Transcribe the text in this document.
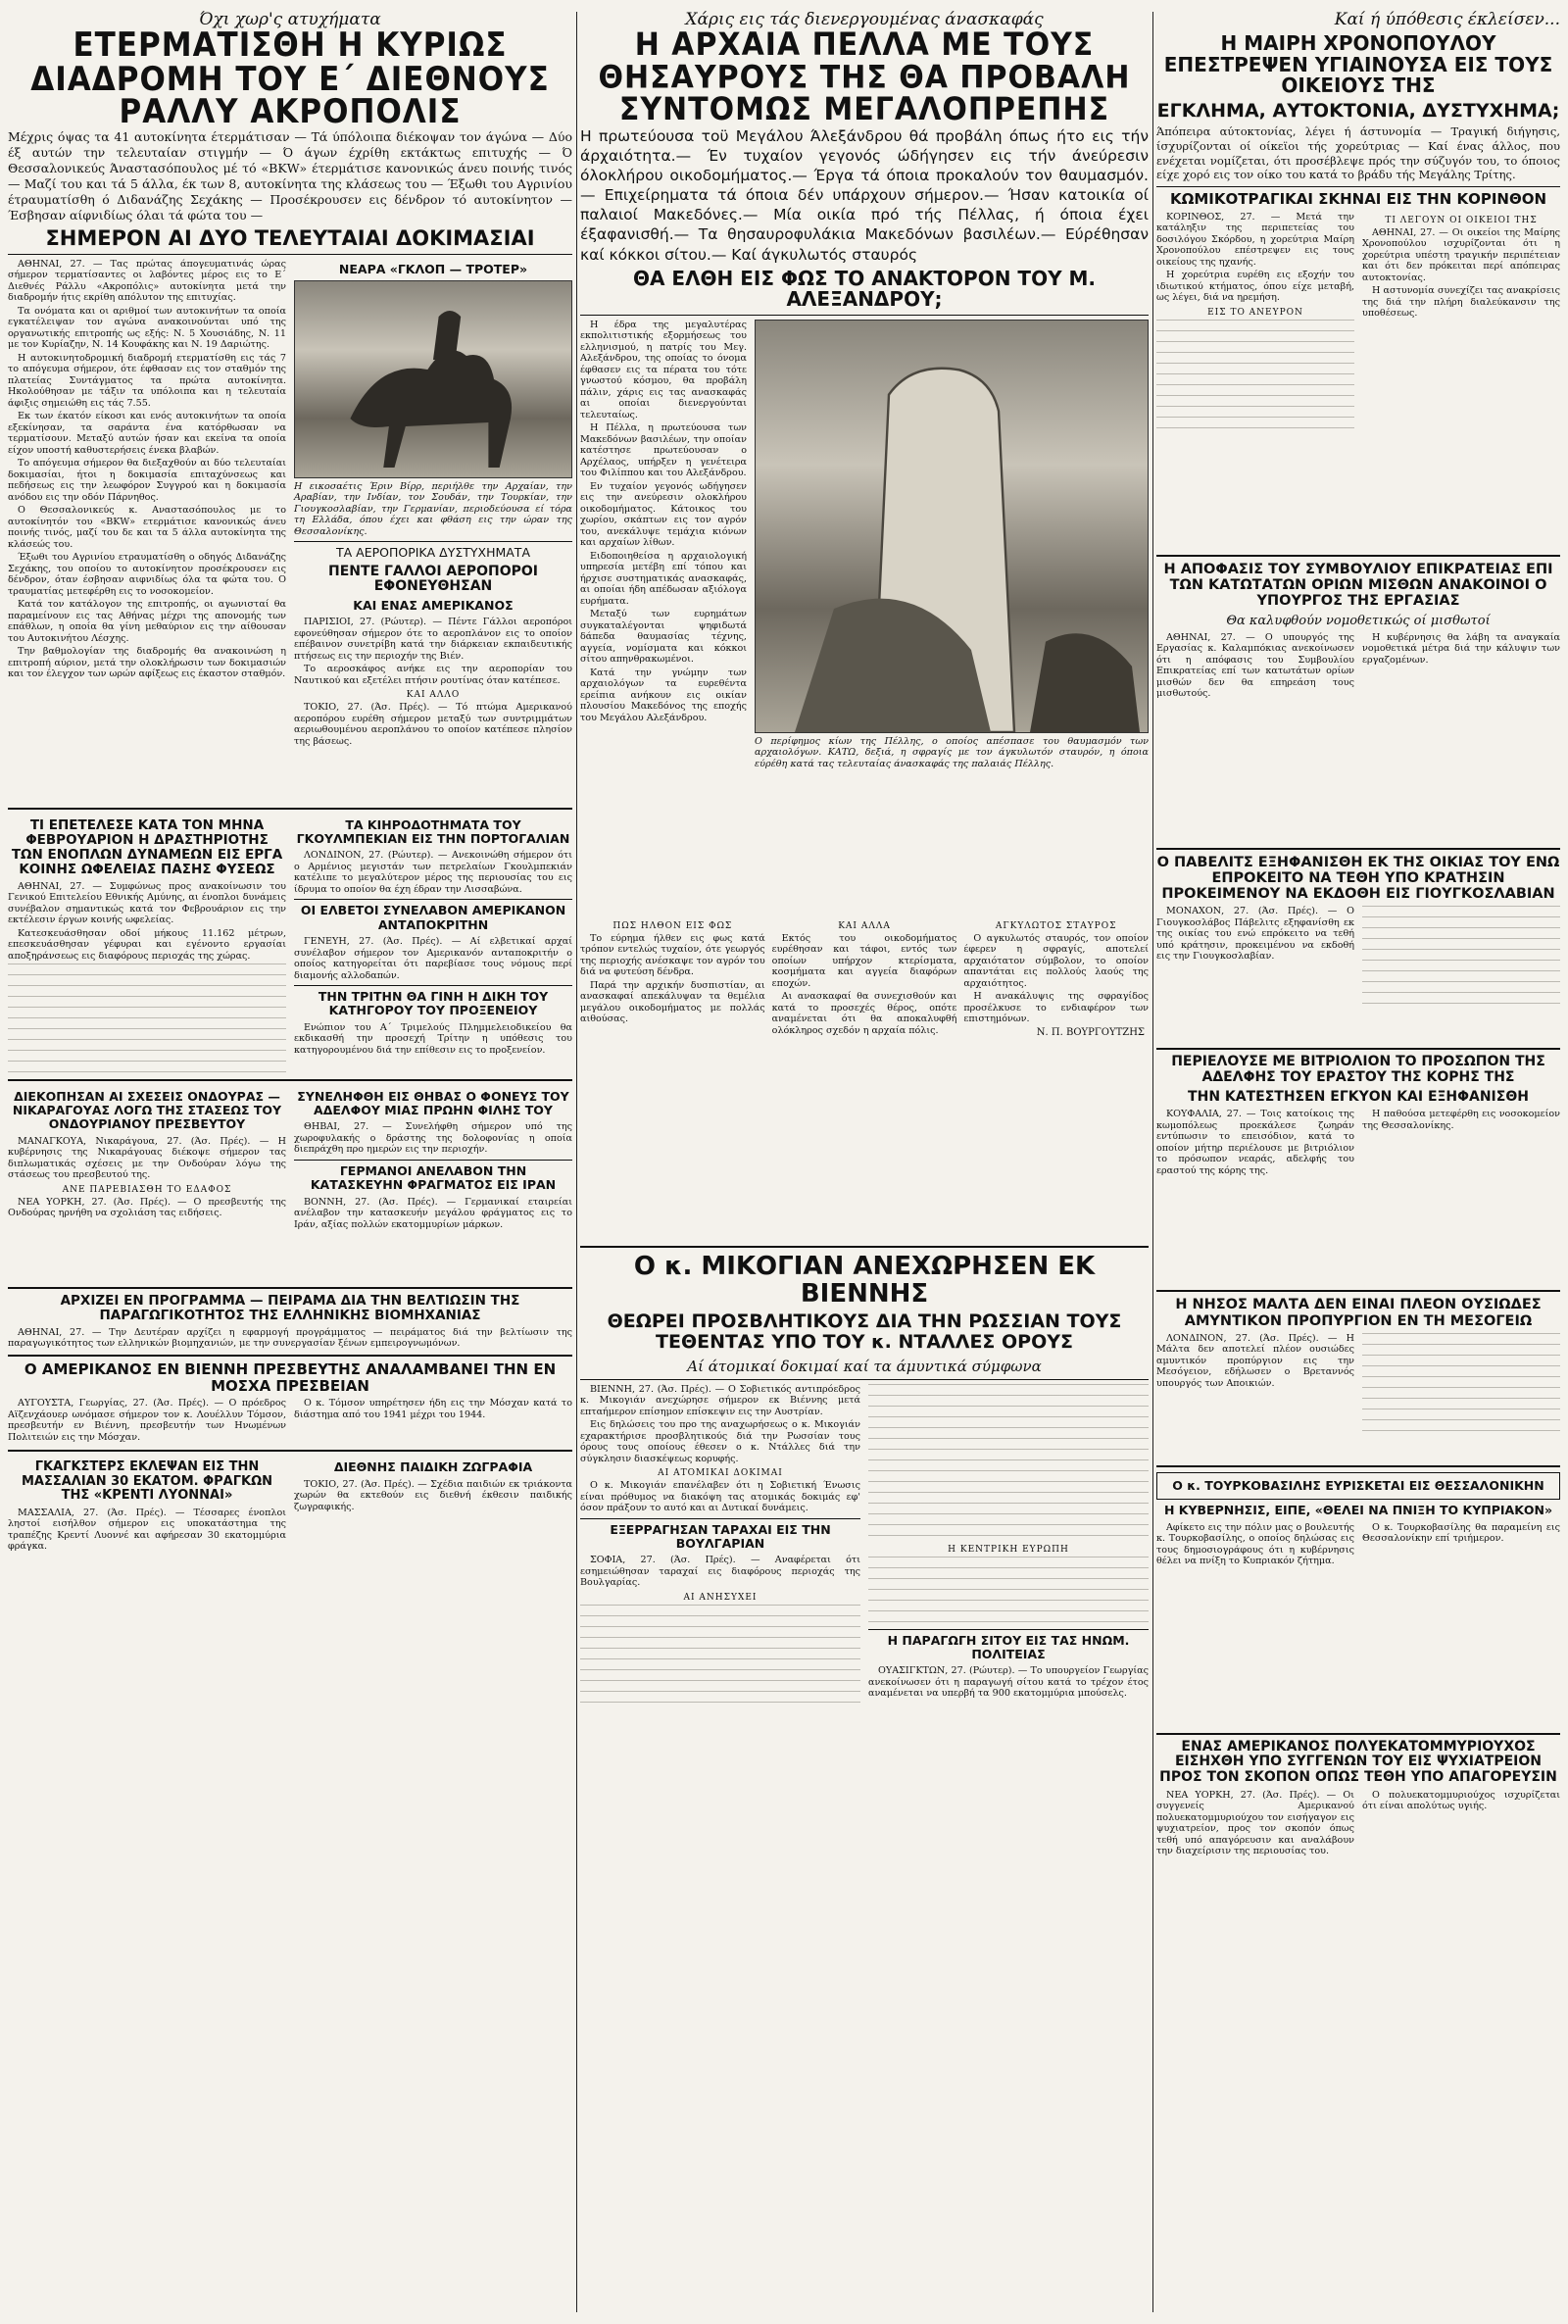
Όχι χωρ'ς ατυχήματα
ΕΤΕΡΜΑΤΙΣΘΗ Η ΚΥΡΙΩΣ ΔΙΑΔΡΟΜΗ ΤΟΥ Ε΄ ΔΙΕΘΝΟΥΣ ΡΑΛΛΥ ΑΚΡΟΠΟΛΙΣ
Μέχρις όψας τα 41 αυτοκίνητα έτερμάτισαν — Τά ύπόλοιπα διέκοψαν τον άγώνα — Δύο έξ αυτών την τελευταίαν στιγμήν — Ό άγων έχρίθη εκτάκτως επιτυχής — Ό Θεσσαλονικεύς Άναστασόπουλος μέ τό «ΒΚW» έτερμάτισε κανονικώς άνευ ποινής τινός — Μαζί του και τά 5 άλλα, έκ των 8, αυτοκίνητα της κλάσεως του — Έξωθι του Αγρινίου έτραυματίσθη ό Διδανάζης Σεχάκης — Προσέκρουσεν εις δένδρον τό αυτοκίνητον — Έσβησαν αίφνιδίως όλαι τά φώτα του —
ΣΗΜΕΡΟΝ ΑΙ ΔΥΟ ΤΕΛΕΥΤΑΙΑΙ ΔΟΚΙΜΑΣΙΑΙ

ΑΘΗΝΑΙ, 27. — Τας πρώτας άπογευματινάς ώρας σήμερον τερματίσαντες οι λαβόντες μέρος εις το Ε΄ Διεθνές Ράλλυ «Ακροπόλις» αυτοκίνητα μετά την διαδρομήν ήτις εκρίθη απόλυτον της επιτυχίας.

Τα ονόματα και οι αριθμοί των αυτοκινήτων τα οποία εγκατέλειψαν τον αγώνα ανακοινούνται υπό της οργανωτικής επιτροπής ως εξής: Ν. 5 Χουσιάδης, Ν. 11 με τον Κυρίαζην, Ν. 14 Κουφάκης και Ν. 19 Δαριώτης.

Η αυτοκινητοδρομική διαδρομή ετερματίσθη εις τάς 7 το απόγευμα σήμερον, ότε έφθασαν εις τον σταθμόν της πλατείας Συντάγματος τα πρώτα αυτοκίνητα. Ηκολούθησαν με τάξιν τα υπόλοιπα και η τελευταία άφιξις σημειώθη εις τάς 7.55.

Εκ των έκατόν είκοσι και ενός αυτοκινήτων τα οποία εξεκίνησαν, τα σαράντα ένα κατόρθωσαν να τερματίσουν. Μεταξύ αυτών ήσαν και εκείνα τα οποία είχον υποστή καθυστερήσεις ένεκα βλαβών.

Το απόγευμα σήμερον θα διεξαχθούν αι δύο τελευταίαι δοκιμασίαι, ήτοι η δοκιμασία επιταχύνσεως και πεδήσεως εις την λεωφόρον Συγγρού και η δοκιμασία ανόδου εις την οδόν Πάρνηθος.

Ο Θεσσαλονικεύς κ. Αναστασόπουλος με το αυτοκίνητόν του «ΒΚW» ετερμάτισε κανονικώς άνευ ποινής τινός, μαζί του δε και τα 5 άλλα αυτοκίνητα της κλάσεώς του.

Έξωθι του Αγρινίου ετραυματίσθη ο οδηγός Διδανάζης Σεχάκης, του οποίου το αυτοκίνητον προσέκρουσεν εις δένδρον, όταν έσβησαν αιφνιδίως όλα τα φώτα του. Ο τραυματίας μετεφέρθη εις το νοσοκομείον.

Κατά τον κατάλογον της επιτροπής, οι αγωνισταί θα παραμείνουν εις τας Αθήνας μέχρι της απονομής των επάθλων, η οποία θα γίνη μεθαύριον εις την αίθουσαν του Αυτοκινήτου Λέσχης.

Την βαθμολογίαν της διαδρομής θα ανακοινώση η επιτροπή αύριον, μετά την ολοκλήρωσιν των δοκιμασιών και τον έλεγχον των ωρών αφίξεως εις έκαστον σταθμόν.

ΝΕΑΡΑ «ΓΚΛΟΠ — ΤΡΟΤΕΡ»
Η εικοσαέτις Έριν Βίρρ, περιήλθε την Αρχαίαν, την Αραβίαν, την Ινδίαν, τον Σουδάν, την Τουρκίαν, την Γιουγκοσλαβίαν, την Γερμανίαν, περιοδεύουσα εί τόρα τη Ελλάδα, όπου έχει και φθάση εις την ώραν της Θεσσαλονίκης.
ΤΑ ΑΕΡΟΠΟΡΙΚΑ ΔΥΣΤΥΧΗΜΑΤΑ
ΠΕΝΤΕ ΓΑΛΛΟΙ ΑΕΡΟΠΟΡΟΙ ΕΦΟΝΕΥΘΗΣΑΝ
ΚΑΙ ΕΝΑΣ ΑΜΕΡΙΚΑΝΟΣ

ΠΑΡΙΣΙΟΙ, 27. (Ρώυτερ). — Πέντε Γάλλοι αεροπόροι εφονεύθησαν σήμερον ότε το αεροπλάνον εις το οποίον επέβαινον συνετρίβη κατά την διάρκειαν εκπαιδευτικής πτήσεως εις την περιοχήν της Βιέν.

Το αεροσκάφος ανήκε εις την αεροπορίαν του Ναυτικού και εξετέλει πτήσιν ρουτίνας όταν κατέπεσε.

ΚΑΙ ΑΛΛΟ

ΤΟΚΙΟ, 27. (Άσ. Πρές). — Τό πτώμα Αμερικανού αεροπόρου ευρέθη σήμερον μεταξύ των συντριμμάτων αεριωθουμένου αεροπλάνου το οποίον κατέπεσε πλησίον της βάσεως.

ΤΙ ΕΠΕΤΕΛΕΣΕ ΚΑΤΑ ΤΟΝ ΜΗΝΑ ΦΕΒΡΟΥΑΡΙΟΝ Η ΔΡΑΣΤΗΡΙΟΤΗΣ ΤΩΝ ΕΝΟΠΛΩΝ ΔΥΝΑΜΕΩΝ ΕΙΣ ΕΡΓΑ ΚΟΙΝΗΣ ΩΦΕΛΕΙΑΣ ΠΑΣΗΣ ΦΥΣΕΩΣ

ΑΘΗΝΑΙ, 27. — Συμφώνως προς ανακοίνωσιν του Γενικού Επιτελείου Εθνικής Αμύνης, αι ένοπλοι δυνάμεις συνέβαλον σημαντικώς κατά τον Φεβρουάριον εις την εκτέλεσιν έργων κοινής ωφελείας.

Κατεσκευάσθησαν οδοί μήκους 11.162 μέτρων, επεσκευάσθησαν γέφυραι και εγένοντο εργασίαι αποξηράνσεως εις διαφόρους περιοχάς της χώρας.

ΤΑ ΚΙΗΡΟΔΟΤΗΜΑΤΑ ΤΟΥ ΓΚΟΥΛΜΠΕΚΙΑΝ ΕΙΣ ΤΗΝ ΠΟΡΤΟΓΑΛΙΑΝ

ΛΟΝΔΙΝΟΝ, 27. (Ρώυτερ). — Ανεκοινώθη σήμερον ότι ο Αρμένιος μεγιστάν των πετρελαίων Γκουλμπεκιάν κατέλιπε το μεγαλύτερον μέρος της περιουσίας του εις ίδρυμα το οποίον θα έχη έδραν την Λισσαβώνα.

ΟΙ ΕΛΒΕΤΟΙ ΣΥΝΕΛΑΒΟΝ ΑΜΕΡΙΚΑΝΟΝ ΑΝΤΑΠΟΚΡΙΤΗΝ

ΓΕΝΕΥΗ, 27. (Άσ. Πρές). — Αί ελβετικαί αρχαί συνέλαβον σήμερον τον Αμερικανόν ανταποκριτήν ο οποίος κατηγορείται ότι παρεβίασε τους νόμους περί διαμονής αλλοδαπών.

ΤΗΝ ΤΡΙΤΗΝ ΘΑ ΓΙΝΗ Η ΔΙΚΗ ΤΟΥ ΚΑΤΗΓΟΡΟΥ ΤΟΥ ΠΡΟΞΕΝΕΙΟΥ

Ενώπιον του Α΄ Τριμελούς Πλημμελειοδικείου θα εκδικασθή την προσεχή Τρίτην η υπόθεσις του κατηγορουμένου διά την επίθεσιν εις το προξενείον.

ΔΙΕΚΟΠΗΣΑΝ ΑΙ ΣΧΕΣΕΙΣ ΟΝΔΟΥΡΑΣ — ΝΙΚΑΡΑΓΟΥΑΣ ΛΟΓΩ ΤΗΣ ΣΤΑΣΕΩΣ ΤΟΥ ΟΝΔΟΥΡΙΑΝΟΥ ΠΡΕΣΒΕΥΤΟΥ

ΜΑΝΑΓΚΟΥΑ, Νικαράγουα, 27. (Άσ. Πρές). — Η κυβέρνησις της Νικαράγουας διέκοψε σήμερον τας διπλωματικάς σχέσεις με την Ονδούραν λόγω της στάσεως του πρεσβευτού της.

ΑΝΕ ΠΑΡΕΒΙΑΣΘΗ ΤΟ ΕΔΑΦΟΣ

ΝΕΑ ΥΟΡΚΗ, 27. (Άσ. Πρές). — Ο πρεσβευτής της Ονδούρας ηρνήθη να σχολιάση τας ειδήσεις.

ΣΥΝΕΛΗΦΘΗ ΕΙΣ ΘΗΒΑΣ Ο ΦΟΝΕΥΣ ΤΟΥ ΑΔΕΛΦΟΥ ΜΙΑΣ ΠΡΩΗΝ ΦΙΛΗΣ ΤΟΥ

ΘΗΒΑΙ, 27. — Συνελήφθη σήμερον υπό της χωροφυλακής ο δράστης της δολοφονίας η οποία διεπράχθη προ ημερών εις την περιοχήν.

ΓΕΡΜΑΝΟΙ ΑΝΕΛΑΒΟΝ ΤΗΝ ΚΑΤΑΣΚΕΥΗΝ ΦΡΑΓΜΑΤΟΣ ΕΙΣ ΙΡΑΝ

ΒΟΝΝΗ, 27. (Άσ. Πρές). — Γερμανικαί εταιρείαι ανέλαβον την κατασκευήν μεγάλου φράγματος εις το Ιράν, αξίας πολλών εκατομμυρίων μάρκων.

ΑΡΧΙΖΕΙ ΕΝ ΠΡΟΓΡΑΜΜΑ — ΠΕΙΡΑΜΑ ΔΙΑ ΤΗΝ ΒΕΛΤΙΩΣΙΝ ΤΗΣ ΠΑΡΑΓΩΓΙΚΟΤΗΤΟΣ ΤΗΣ ΕΛΛΗΝΙΚΗΣ ΒΙΟΜΗΧΑΝΙΑΣ

ΑΘΗΝΑΙ, 27. — Την Δευτέραν αρχίζει η εφαρμογή προγράμματος — πειράματος διά την βελτίωσιν της παραγωγικότητος των ελληνικών βιομηχανιών, με την συνεργασίαν ξένων εμπειρογνωμόνων.

Ο ΑΜΕΡΙΚΑΝΟΣ ΕΝ ΒΙΕΝΝΗ ΠΡΕΣΒΕΥΤΗΣ ΑΝΑΛΑΜΒΑΝΕΙ ΤΗΝ ΕΝ ΜΟΣΧΑ ΠΡΕΣΒΕΙΑΝ

ΑΥΓΟΥΣΤΑ, Γεωργίας, 27. (Άσ. Πρές). — Ο πρόεδρος Αϊζενχάουερ ωνόμασε σήμερον τον κ. Λουέλλυν Τόμσον, πρεσβευτήν εν Βιέννη, πρεσβευτήν των Ηνωμένων Πολιτειών εις την Μόσχαν.

Ο κ. Τόμσον υπηρέτησεν ήδη εις την Μόσχαν κατά το διάστημα από του 1941 μέχρι του 1944.

ΓΚΑΓΚΣΤΕΡΣ ΕΚΛΕΨΑΝ ΕΙΣ ΤΗΝ ΜΑΣΣΑΛΙΑΝ 30 ΕΚΑΤΟΜ. ΦΡΑΓΚΩΝ ΤΗΣ «ΚΡΕΝΤΙ ΛΥΟΝΝΑΙ»

ΜΑΣΣΑΛΙΑ, 27. (Άσ. Πρές). — Τέσσαρες ένοπλοι ληστοί εισήλθον σήμερον εις υποκατάστημα της τραπέζης Κρεντί Λυοννέ και αφήρεσαν 30 εκατομμύρια φράγκα.

ΔΙΕΘΝΗΣ ΠΑΙΔΙΚΗ ΖΩΓΡΑΦΙΑ

ΤΟΚΙΟ, 27. (Άσ. Πρές). — Σχέδια παιδιών εκ τριάκοντα χωρών θα εκτεθούν εις διεθνή έκθεσιν παιδικής ζωγραφικής.

Χάρις εις τάς διενεργουμένας άνασκαφάς
Η ΑΡΧΑΙΑ ΠΕΛΛΑ ΜΕ ΤΟΥΣ ΘΗΣΑΥΡΟΥΣ ΤΗΣ ΘΑ ΠΡΟΒΑΛΗ ΣΥΝΤΟΜΩΣ ΜΕΓΑΛΟΠΡΕΠΗΣ
Η πρωτεύουσα τοϋ Μεγάλου Άλεξάνδρου θά προβάλη όπως ήτο εις τήν άρχαιότητα.— Έν τυχαίον γεγονός ώδήγησεν εις τήν άνεύρεσιν όλοκλήρου οικοδομήματος.— Έργα τά όποια προκαλούν τον θαυμασμόν.— Επιχείρηματα τά όποια δέν υπάρχουν σήμερον.— Ήσαν κατοικία οί παλαιοί Μακεδόνες.— Μία οικία πρό τής Πέλλας, ή όποια έχει έξαφανισθή.— Τα θησαυροφυλάκια Μακεδόνων βασιλέων.— Εύρέθησαν καί κόκκοι σίτου.— Καί άγκυλωτός σταυρός
ΘΑ ΕΛΘΗ ΕΙΣ ΦΩΣ ΤΟ ΑΝΑΚΤΟΡΟΝ ΤΟΥ Μ. ΑΛΕΞΑΝΔΡΟΥ;

Η έδρα της μεγαλυτέρας εκπολιτιστικής εξορμήσεως του ελληνισμού, η πατρίς του Μεγ. Αλεξάνδρου, της οποίας το όνομα έφθασεν εις τα πέρατα του τότε γνωστού κόσμου, θα προβάλη πάλιν, χάρις εις τας ανασκαφάς αι οποίαι διενεργούνται τελευταίως.

Η Πέλλα, η πρωτεύουσα των Μακεδόνων βασιλέων, την οποίαν κατέστησε πρωτεύουσαν ο Αρχέλαος, υπήρξεν η γενέτειρα του Φιλίππου και του Αλεξάνδρου.

Εν τυχαίον γεγονός ωδήγησεν εις την ανεύρεσιν ολοκλήρου οικοδομήματος. Κάτοικος του χωρίου, σκάπτων εις τον αγρόν του, ανεκάλυψε τεμάχια κιόνων και αρχαίων λίθων.

Ειδοποιηθείσα η αρχαιολογική υπηρεσία μετέβη επί τόπου και ήρχισε συστηματικάς ανασκαφάς, αι οποίαι ήδη απέδωσαν αξιόλογα ευρήματα.

Μεταξύ των ευρημάτων συγκαταλέγονται ψηφιδωτά δάπεδα θαυμασίας τέχνης, αγγεία, νομίσματα και κόκκοι σίτου απηνθρακωμένοι.

Κατά την γνώμην των αρχαιολόγων τα ευρεθέντα ερείπια ανήκουν εις οικίαν πλουσίου Μακεδόνος της εποχής του Μεγάλου Αλεξάνδρου.

Ο περίφημος κίων της Πέλλης, ο οποίος απέσπασε του θαυμασμόν των αρχαιολόγων. ΚΑΤΩ, δεξιά, η σφραγίς με τον άγκυλωτόν σταυρόν, η όποια εύρέθη κατά τας τελευταίας άνασκαφάς της παλαιάς Πέλλης.
ΠΩΣ ΗΛΘΟΝ ΕΙΣ ΦΩΣ

Το εύρημα ήλθεν εις φως κατά τρόπον εντελώς τυχαίον, ότε γεωργός της περιοχής ανέσκαψε τον αγρόν του διά να φυτεύση δένδρα.

Παρά την αρχικήν δυσπιστίαν, αι ανασκαφαί απεκάλυψαν τα θεμέλια μεγάλου οικοδομήματος με πολλάς αιθούσας.

ΚΑΙ ΑΛΛΑ

Εκτός του οικοδομήματος ευρέθησαν και τάφοι, εντός των οποίων υπήρχον κτερίσματα, κοσμήματα και αγγεία διαφόρων εποχών.

Αι ανασκαφαί θα συνεχισθούν και κατά το προσεχές θέρος, οπότε αναμένεται ότι θα αποκαλυφθή ολόκληρος σχεδόν η αρχαία πόλις.

ΑΓΚΥΛΩΤΟΣ ΣΤΑΥΡΟΣ

Ο αγκυλωτός σταυρός, τον οποίον έφερεν η σφραγίς, αποτελεί αρχαιότατον σύμβολον, το οποίον απαντάται εις πολλούς λαούς της αρχαιότητος.

Η ανακάλυψις της σφραγίδος προσέλκυσε το ενδιαφέρον των επιστημόνων.

Ν. Π. ΒΟΥΡΓΟΥΤΖΗΣ
Ο κ. ΜΙΚΟΓΙΑΝ ΑΝΕΧΩΡΗΣΕΝ ΕΚ ΒΙΕΝΝΗΣ
ΘΕΩΡΕΙ ΠΡΟΣΒΛΗΤΙΚΟΥΣ ΔΙΑ ΤΗΝ ΡΩΣΣΙΑΝ ΤΟΥΣ ΤΕΘΕΝΤΑΣ ΥΠΟ ΤΟΥ κ. ΝΤΑΛΛΕΣ ΟΡΟΥΣ
Αί άτομικαί δοκιμαί καί τα άμυντικά σύμφωνα

ΒΙΕΝΝΗ, 27. (Άσ. Πρές). — Ο Σοβιετικός αντιπρόεδρος κ. Μικογιάν ανεχώρησε σήμερον εκ Βιέννης μετά επταήμερον επίσημον επίσκεψιν εις την Αυστρίαν.

Εις δηλώσεις του προ της αναχωρήσεως ο κ. Μικογιάν εχαρακτήρισε προσβλητικούς διά την Ρωσσίαν τους όρους τους οποίους έθεσεν ο κ. Ντάλλες διά την σύγκλησιν διασκέψεως κορυφής.

ΑΙ ΑΤΟΜΙΚΑΙ ΔΟΚΙΜΑΙ

Ο κ. Μικογιάν επανέλαβεν ότι η Σοβιετική Ένωσις είναι πρόθυμος να διακόψη τας ατομικάς δοκιμάς εφ' όσον πράξουν το αυτό και αι Δυτικαί δυνάμεις.

ΕΞΕΡΡΑΓΗΣΑΝ ΤΑΡΑΧΑΙ ΕΙΣ ΤΗΝ ΒΟΥΛΓΑΡΙΑΝ

ΣΟΦΙΑ, 27. (Άσ. Πρές). — Αναφέρεται ότι εσημειώθησαν ταραχαί εις διαφόρους περιοχάς της Βουλγαρίας.

ΑΙ ΑΝΗΣΥΧΕΙ
Η ΚΕΝΤΡΙΚΗ ΕΥΡΩΠΗ
Η ΠΑΡΑΓΩΓΗ ΣΙΤΟΥ ΕΙΣ ΤΑΣ ΗΝΩΜ. ΠΟΛΙΤΕΙΑΣ

ΟΥΑΣΙΓΚΤΩΝ, 27. (Ρώυτερ). — Το υπουργείον Γεωργίας ανεκοίνωσεν ότι η παραγωγή σίτου κατά το τρέχον έτος αναμένεται να υπερβή τα 900 εκατομμύρια μπούσελς.

Καί ή ύπόθεσις έκλείσεν...
Η ΜΑΙΡΗ ΧΡΟΝΟΠΟΥΛΟΥ ΕΠΕΣΤΡΕΨΕΝ ΥΓΙΑΙΝΟΥΣΑ ΕΙΣ ΤΟΥΣ ΟΙΚΕΙΟΥΣ ΤΗΣ
ΕΓΚΛΗΜΑ, ΑΥΤΟΚΤΟΝΙΑ, ΔΥΣΤΥΧΗΜΑ;
Άπόπειρα αύτοκτονίας, λέγει ή άστυνομία — Τραγική διήγησις, ίσχυρίζονται οί οίκεϊοι τής χορεύτριας — Καί ένας άλλος, που ενέχεται νομίζεται, ότι προσέβλεψε πρός την σύζυγόν του, το όποιος είχε χορό εις τον οίκο του κατά το βράδυ τής Μεγάλης Τρίτης.
ΚΩΜΙΚΟΤΡΑΓΙΚΑΙ ΣΚΗΝΑΙ ΕΙΣ ΤΗΝ ΚΟΡΙΝΘΟΝ

ΚΟΡΙΝΘΟΣ, 27. — Μετά την κατάληξιν της περιπετείας του δοσιλόγου Σκόρδου, η χορεύτρια Μαίρη Χρονοπούλου επέστρεψεν εις τους οικείους της ηχανής.

Η χορεύτρια ευρέθη εις εξοχήν του ιδιωτικού κτήματος, όπου είχε μεταβή, ως λέγει, διά να ηρεμήση.

ΕΙΣ ΤΟ ΑΝΕΥΡΟΝ
ΤΙ ΛΕΓΟΥΝ ΟΙ ΟΙΚΕΙΟΙ ΤΗΣ

ΑΘΗΝΑΙ, 27. — Οι οικείοι της Μαίρης Χρονοπούλου ισχυρίζονται ότι η χορεύτρια υπέστη τραγικήν περιπέτειαν και ότι δεν πρόκειται περί απόπειρας αυτοκτονίας.

Η αστυνομία συνεχίζει τας ανακρίσεις της διά την πλήρη διαλεύκανσιν της υποθέσεως.

Η ΑΠΟΦΑΣΙΣ ΤΟΥ ΣΥΜΒΟΥΛΙΟΥ ΕΠΙΚΡΑΤΕΙΑΣ ΕΠΙ ΤΩΝ ΚΑΤΩΤΑΤΩΝ ΟΡΙΩΝ ΜΙΣΘΩΝ ΑΝΑΚΟΙΝΟΙ Ο ΥΠΟΥΡΓΟΣ ΤΗΣ ΕΡΓΑΣΙΑΣ
Θα καλυφθούν νομοθετικώς οί μισθωτοί

ΑΘΗΝΑΙ, 27. — Ο υπουργός της Εργασίας κ. Καλαμπόκιας ανεκοίνωσεν ότι η απόφασις του Συμβουλίου Επικρατείας επί των κατωτάτων ορίων μισθών δεν θα επηρεάση τους μισθωτούς.

Η κυβέρνησις θα λάβη τα αναγκαία νομοθετικά μέτρα διά την κάλυψιν των εργαζομένων.

Ο ΠΑΒΕΛΙΤΣ ΕΞΗΦΑΝΙΣΘΗ ΕΚ ΤΗΣ ΟΙΚΙΑΣ ΤΟΥ ΕΝΩ ΕΠΡΟΚΕΙΤΟ ΝΑ ΤΕΘΗ ΥΠΟ ΚΡΑΤΗΣΙΝ ΠΡΟΚΕΙΜΕΝΟΥ ΝΑ ΕΚΔΟΘΗ ΕΙΣ ΓΙΟΥΓΚΟΣΛΑΒΙΑΝ

ΜΟΝΑΧΟΝ, 27. (Άσ. Πρές). — Ο Γιουγκοσλάβος Πάβελιτς εξηφανίσθη εκ της οικίας του ενώ επρόκειτο να τεθή υπό κράτησιν, προκειμένου να εκδοθή εις την Γιουγκοσλαβίαν.

ΠΕΡΙΕΛΟΥΣΕ ΜΕ ΒΙΤΡΙΟΛΙΟΝ ΤΟ ΠΡΟΣΩΠΟΝ ΤΗΣ ΑΔΕΛΦΗΣ ΤΟΥ ΕΡΑΣΤΟΥ ΤΗΣ ΚΟΡΗΣ ΤΗΣ
ΤΗΝ ΚΑΤΕΣΤΗΣΕΝ ΕΓΚΥΟΝ ΚΑΙ ΕΞΗΦΑΝΙΣΘΗ

ΚΟΥΦΑΛΙΑ, 27. — Τοις κατοίκοις της κωμοπόλεως προεκάλεσε ζωηράν εντύπωσιν το επεισόδιον, κατά το οποίον μήτηρ περιέλουσε με βιτριόλιον το πρόσωπον νεαράς, αδελφής του εραστού της κόρης της.

Η παθούσα μετεφέρθη εις νοσοκομείον της Θεσσαλονίκης.

Η ΝΗΣΟΣ ΜΑΛΤΑ ΔΕΝ ΕΙΝΑΙ ΠΛΕΟΝ ΟΥΣΙΩΔΕΣ ΑΜΥΝΤΙΚΟΝ ΠΡΟΠΥΡΓΙΟΝ ΕΝ ΤΗ ΜΕΣΟΓΕΙΩ

ΛΟΝΔΙΝΟΝ, 27. (Άσ. Πρές). — Η Μάλτα δεν αποτελεί πλέον ουσιώδες αμυντικόν προπύργιον εις την Μεσόγειον, εδήλωσεν ο Βρεταννός υπουργός των Αποικιών.

Ο κ. ΤΟΥΡΚΟΒΑΣΙΛΗΣ ΕΥΡΙΣΚΕΤΑΙ ΕΙΣ ΘΕΣΣΑΛΟΝΙΚΗΝ
Η ΚΥΒΕΡΝΗΣΙΣ, ΕΙΠΕ, «ΘΕΛΕΙ ΝΑ ΠΝΙΞΗ ΤΟ ΚΥΠΡΙΑΚΟΝ»

Αφίκετο εις την πόλιν μας ο βουλευτής κ. Τουρκοβασίλης, ο οποίος δηλώσας εις τους δημοσιογράφους ότι η κυβέρνησις θέλει να πνίξη το Κυπριακόν ζήτημα.

Ο κ. Τουρκοβασίλης θα παραμείνη εις Θεσσαλονίκην επί τριήμερον.

ΕΝΑΣ ΑΜΕΡΙΚΑΝΟΣ ΠΟΛΥΕΚΑΤΟΜΜΥΡΙΟΥΧΟΣ ΕΙΣΗΧΘΗ ΥΠΟ ΣΥΓΓΕΝΩΝ ΤΟΥ ΕΙΣ ΨΥΧΙΑΤΡΕΙΟΝ ΠΡΟΣ ΤΟΝ ΣΚΟΠΟΝ ΟΠΩΣ ΤΕΘΗ ΥΠΟ ΑΠΑΓΟΡΕΥΣΙΝ

ΝΕΑ ΥΟΡΚΗ, 27. (Άσ. Πρές). — Οι συγγενείς Αμερικανού πολυεκατομμυριούχου τον εισήγαγον εις ψυχιατρείον, προς τον σκοπόν όπως τεθή υπό απαγόρευσιν και αναλάβουν την διαχείρισιν της περιουσίας του.

Ο πολυεκατομμυριούχος ισχυρίζεται ότι είναι απολύτως υγιής.
